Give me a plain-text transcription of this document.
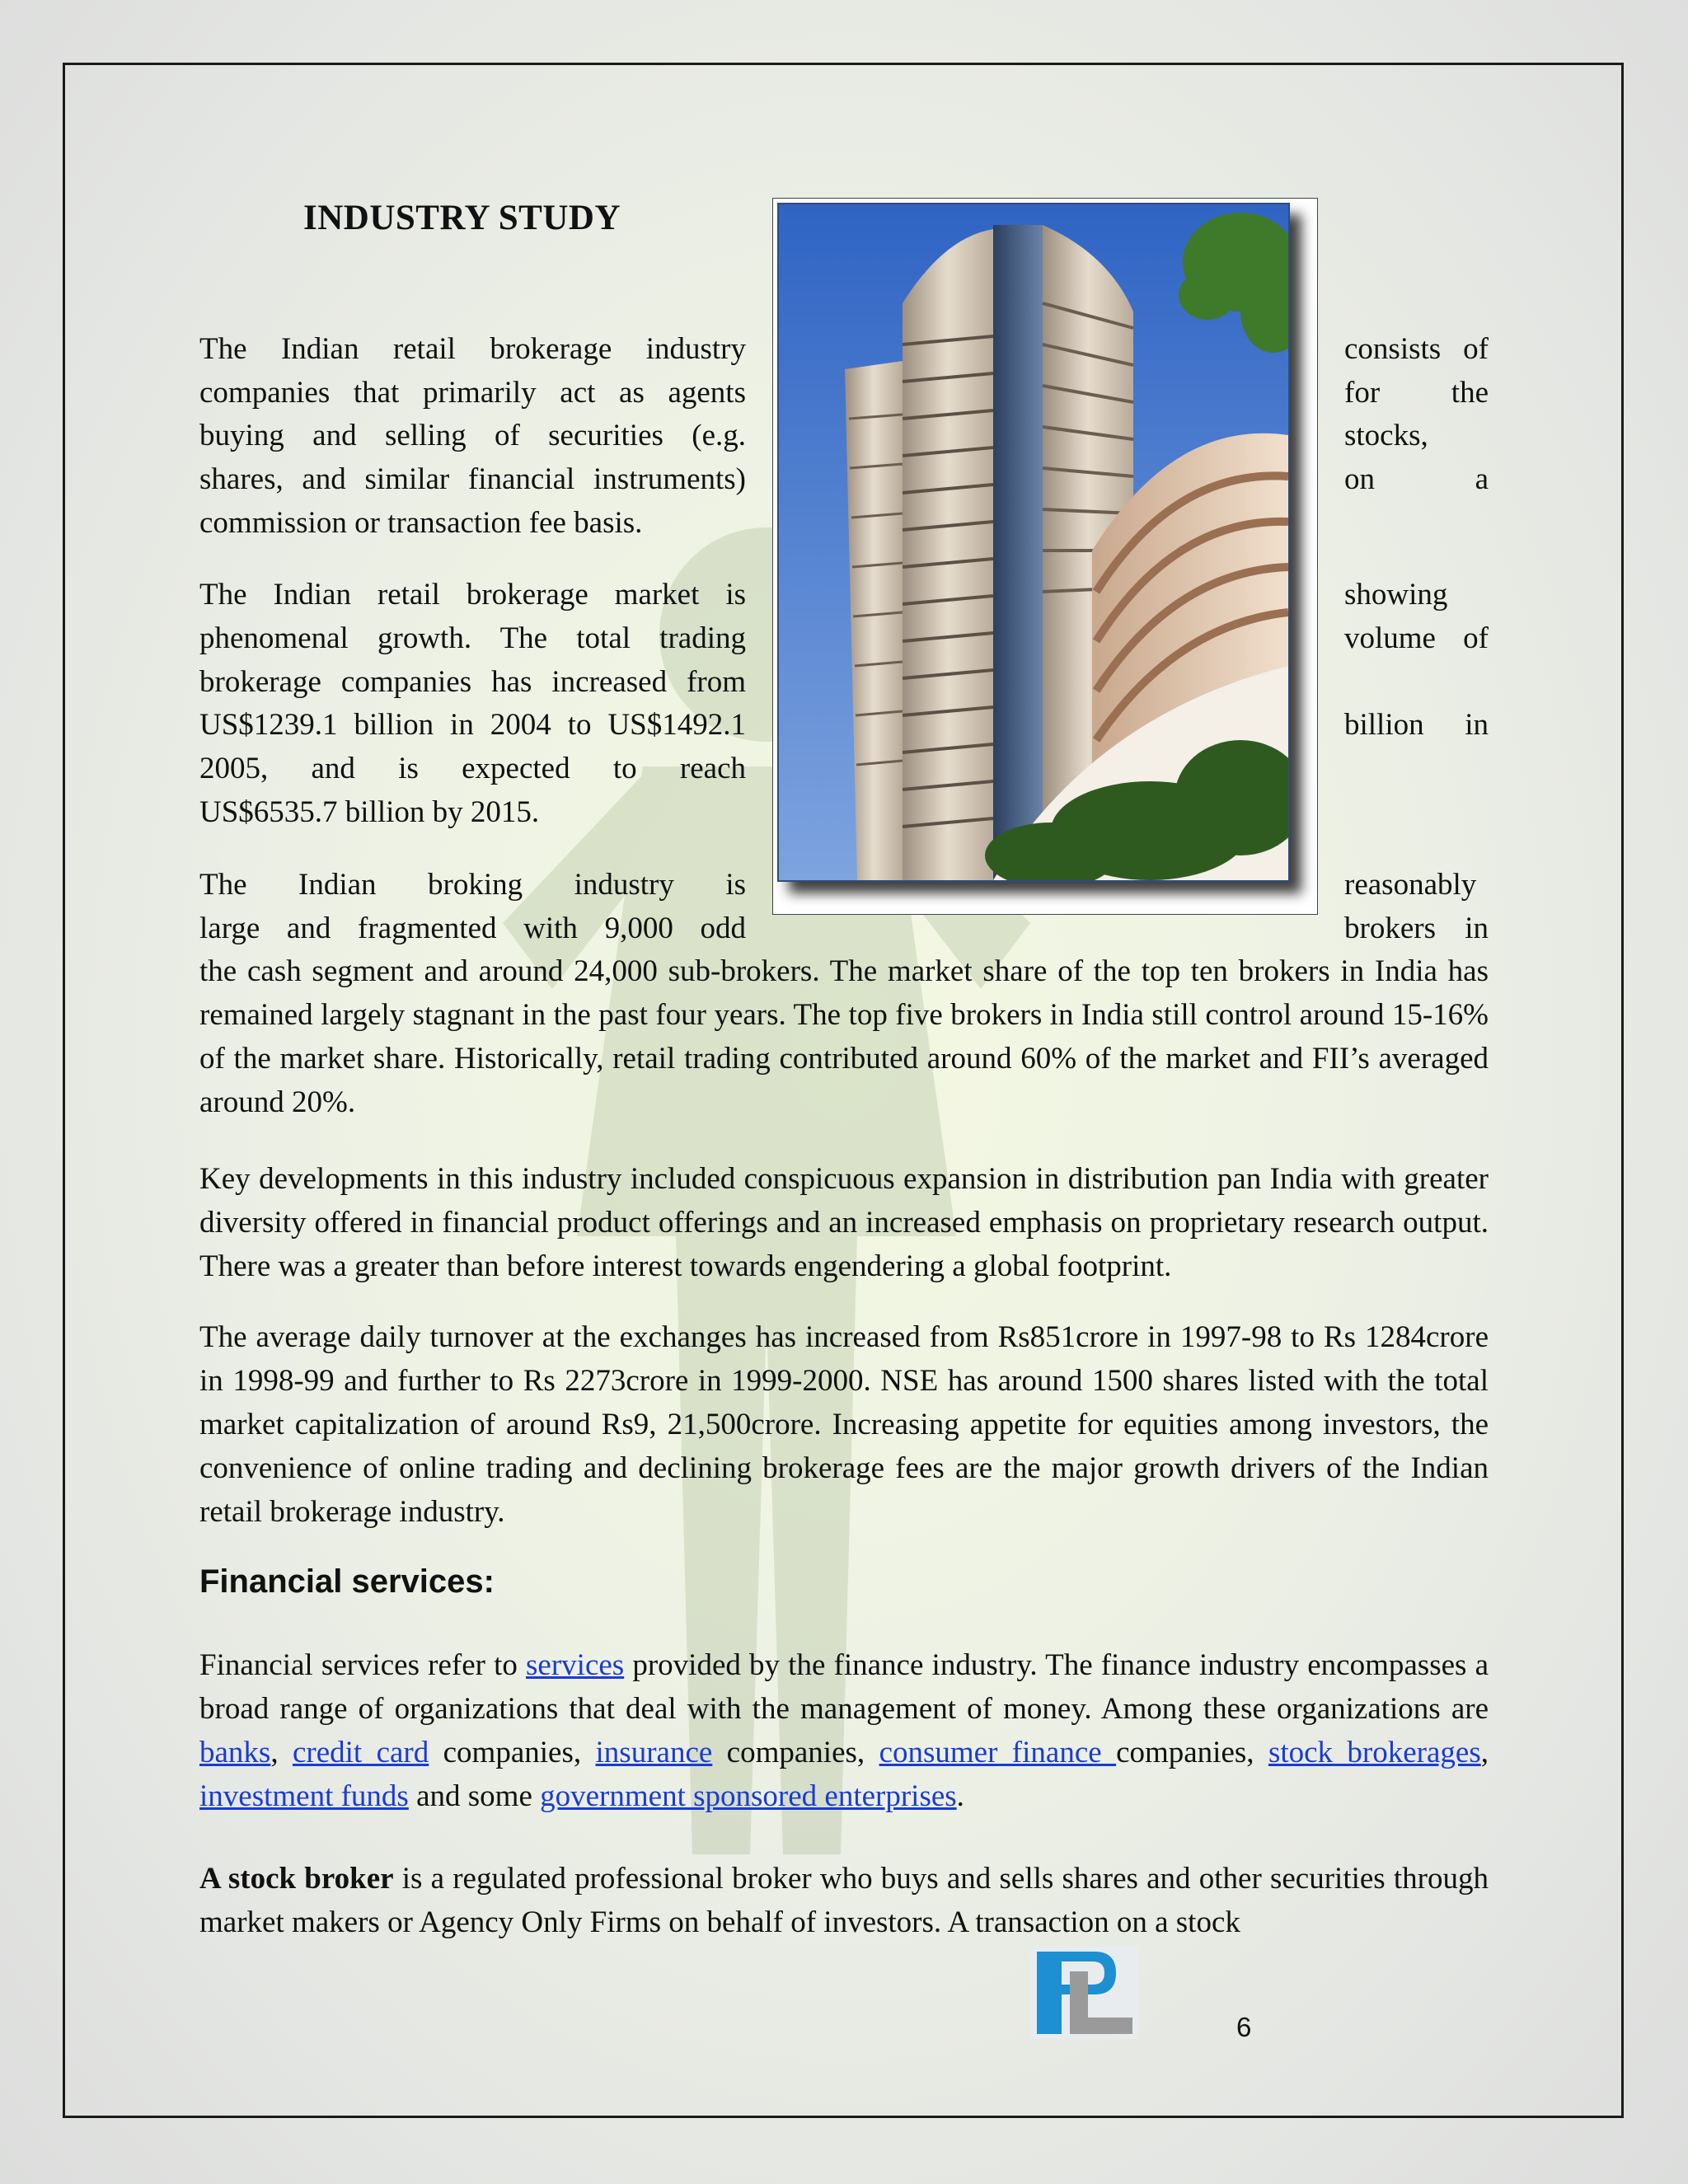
INDUSTRY STUDY
The Indian retail brokerage industry
companies that primarily act as agents
buying and selling of securities (e.g.
shares, and similar financial instruments)
commission or transaction fee basis.
consists of
for the
stocks,
on a
The Indian retail brokerage market is
phenomenal growth. The total trading
brokerage companies has increased from
US$1239.1 billion in 2004 to US$1492.1
2005, and is expected to reach
US$6535.7 billion by 2015.
showing
volume of
billion in
The Indian broking industry is
large and fragmented with 9,000 odd
reasonably
brokers in
the cash segment and around 24,000 sub-brokers. The market share of the top ten brokers in India has remained largely stagnant in the past four years. The top five brokers in India still control around 15-16% of the market share. Historically, retail trading contributed around 60% of the market and FII’s averaged around 20%.
Key developments in this industry included conspicuous expansion in distribution pan India with greater diversity offered in financial product offerings and an increased emphasis on proprietary research output. There was a greater than before interest towards engendering a global footprint.
The average daily turnover at the exchanges has increased from Rs851crore in 1997-98 to Rs 1284crore in 1998-99 and further to Rs 2273crore in 1999-2000. NSE has around 1500 shares listed with the total market capitalization of around Rs9, 21,500crore. Increasing appetite for equities among investors, the convenience of online trading and declining brokerage fees are the major growth drivers of the Indian retail brokerage industry.
Financial services:
Financial services refer to services provided by the finance industry. The finance industry encompasses a broad range of organizations that deal with the management of money. Among these organizations are banks, credit card companies, insurance companies, consumer finance companies, stock brokerages, investment funds and some government sponsored enterprises.
A stock broker is a regulated professional broker who buys and sells shares and other securities through market makers or Agency Only Firms on behalf of investors. A transaction on a stock
6
